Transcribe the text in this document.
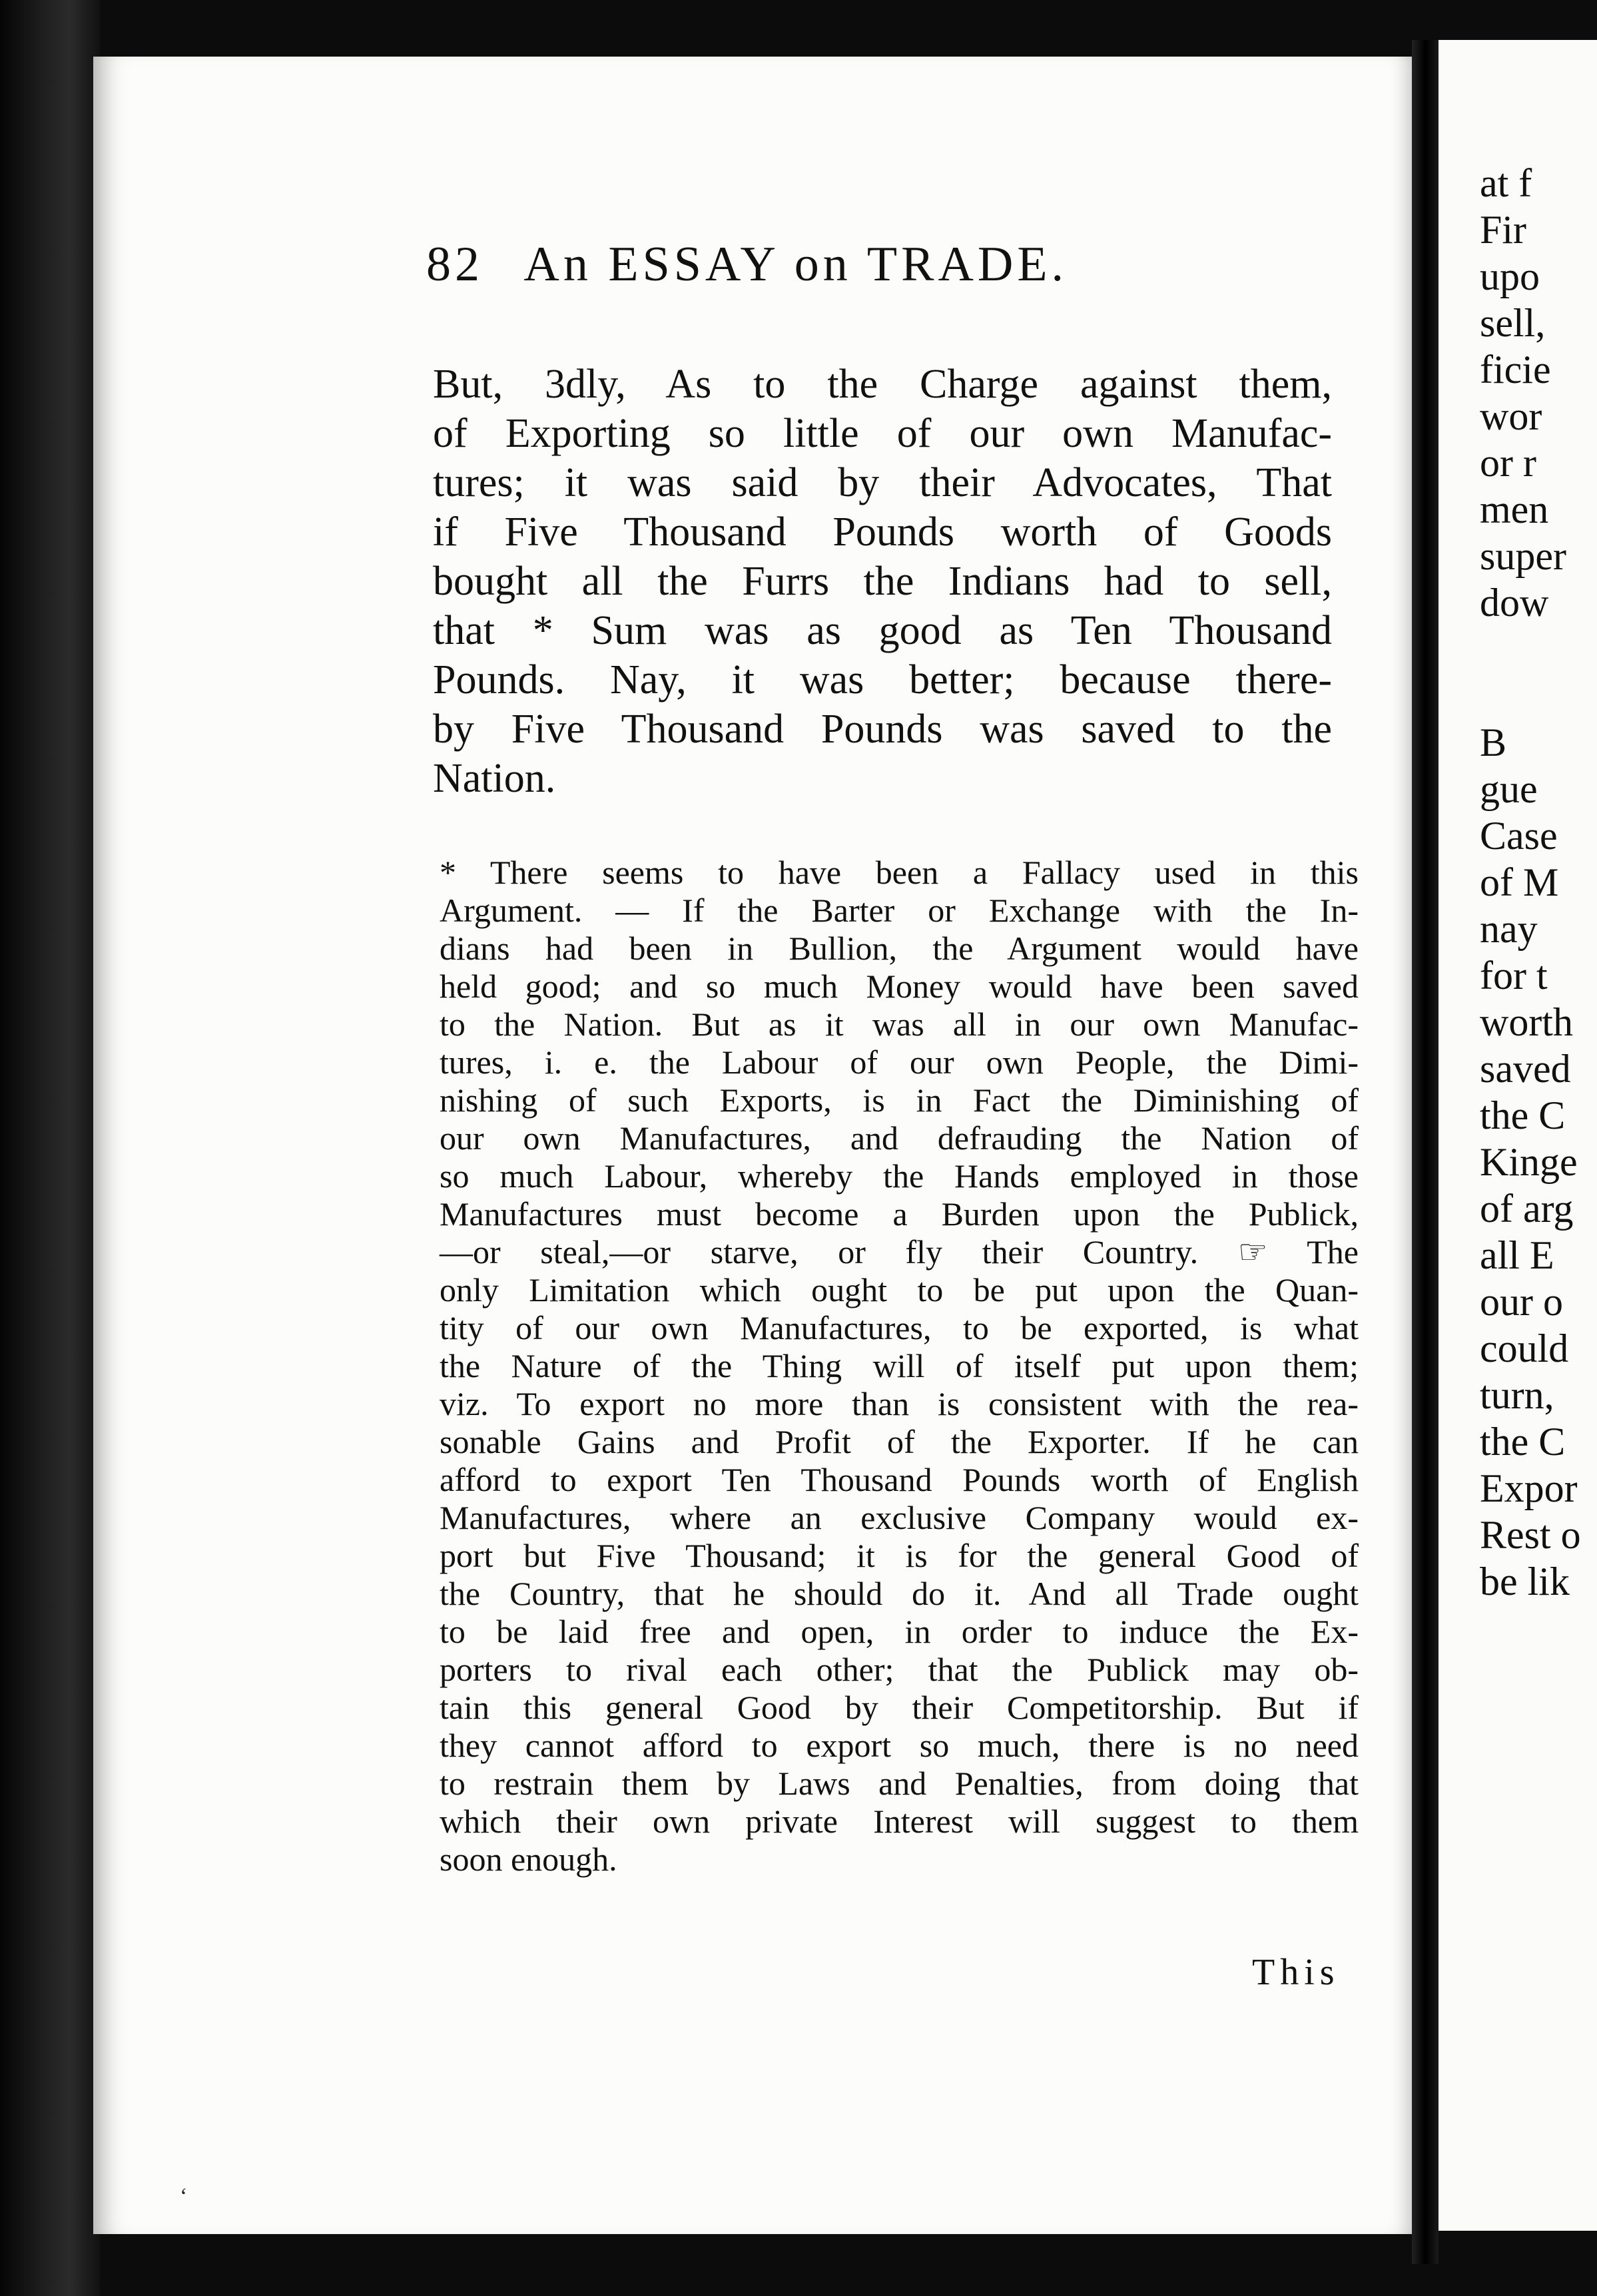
at f
Fir
upo
sell,
ficie
wor
or r
men
super
dow
B
gue
Case
of M
nay
for t
worth
saved
the C
Kinge
of arg
all E
our o
could
turn,
the C
Expor
Rest o
be lik
82 An ESSAY on TRADE.
But, 3dly, As to the Charge against them,
of Exporting so little of our own Manufac-
tures; it was said by their Advocates, That
if Five Thousand Pounds worth of Goods
bought all the Furrs the Indians had to sell,
that * Sum was as good as Ten Thousand
Pounds. Nay, it was better; because there-
by Five Thousand Pounds was saved to the
Nation.
* There seems to have been a Fallacy used in this
Argument. — If the Barter or Exchange with the In-
dians had been in Bullion, the Argument would have
held good; and so much Money would have been saved
to the Nation. But as it was all in our own Manufac-
tures, i. e. the Labour of our own People, the Dimi-
nishing of such Exports, is in Fact the Diminishing of
our own Manufactures, and defrauding the Nation of
so much Labour, whereby the Hands employed in those
Manufactures must become a Burden upon the Publick,
—or steal,—or starve, or fly their Country. ☞ The
only Limitation which ought to be put upon the Quan-
tity of our own Manufactures, to be exported, is what
the Nature of the Thing will of itself put upon them;
viz. To export no more than is consistent with the rea-
sonable Gains and Profit of the Exporter. If he can
afford to export Ten Thousand Pounds worth of English
Manufactures, where an exclusive Company would ex-
port but Five Thousand; it is for the general Good of
the Country, that he should do it. And all Trade ought
to be laid free and open, in order to induce the Ex-
porters to rival each other; that the Publick may ob-
tain this general Good by their Competitorship. But if
they cannot afford to export so much, there is no need
to restrain them by Laws and Penalties, from doing that
which their own private Interest will suggest to them
soon enough.
This
‘
